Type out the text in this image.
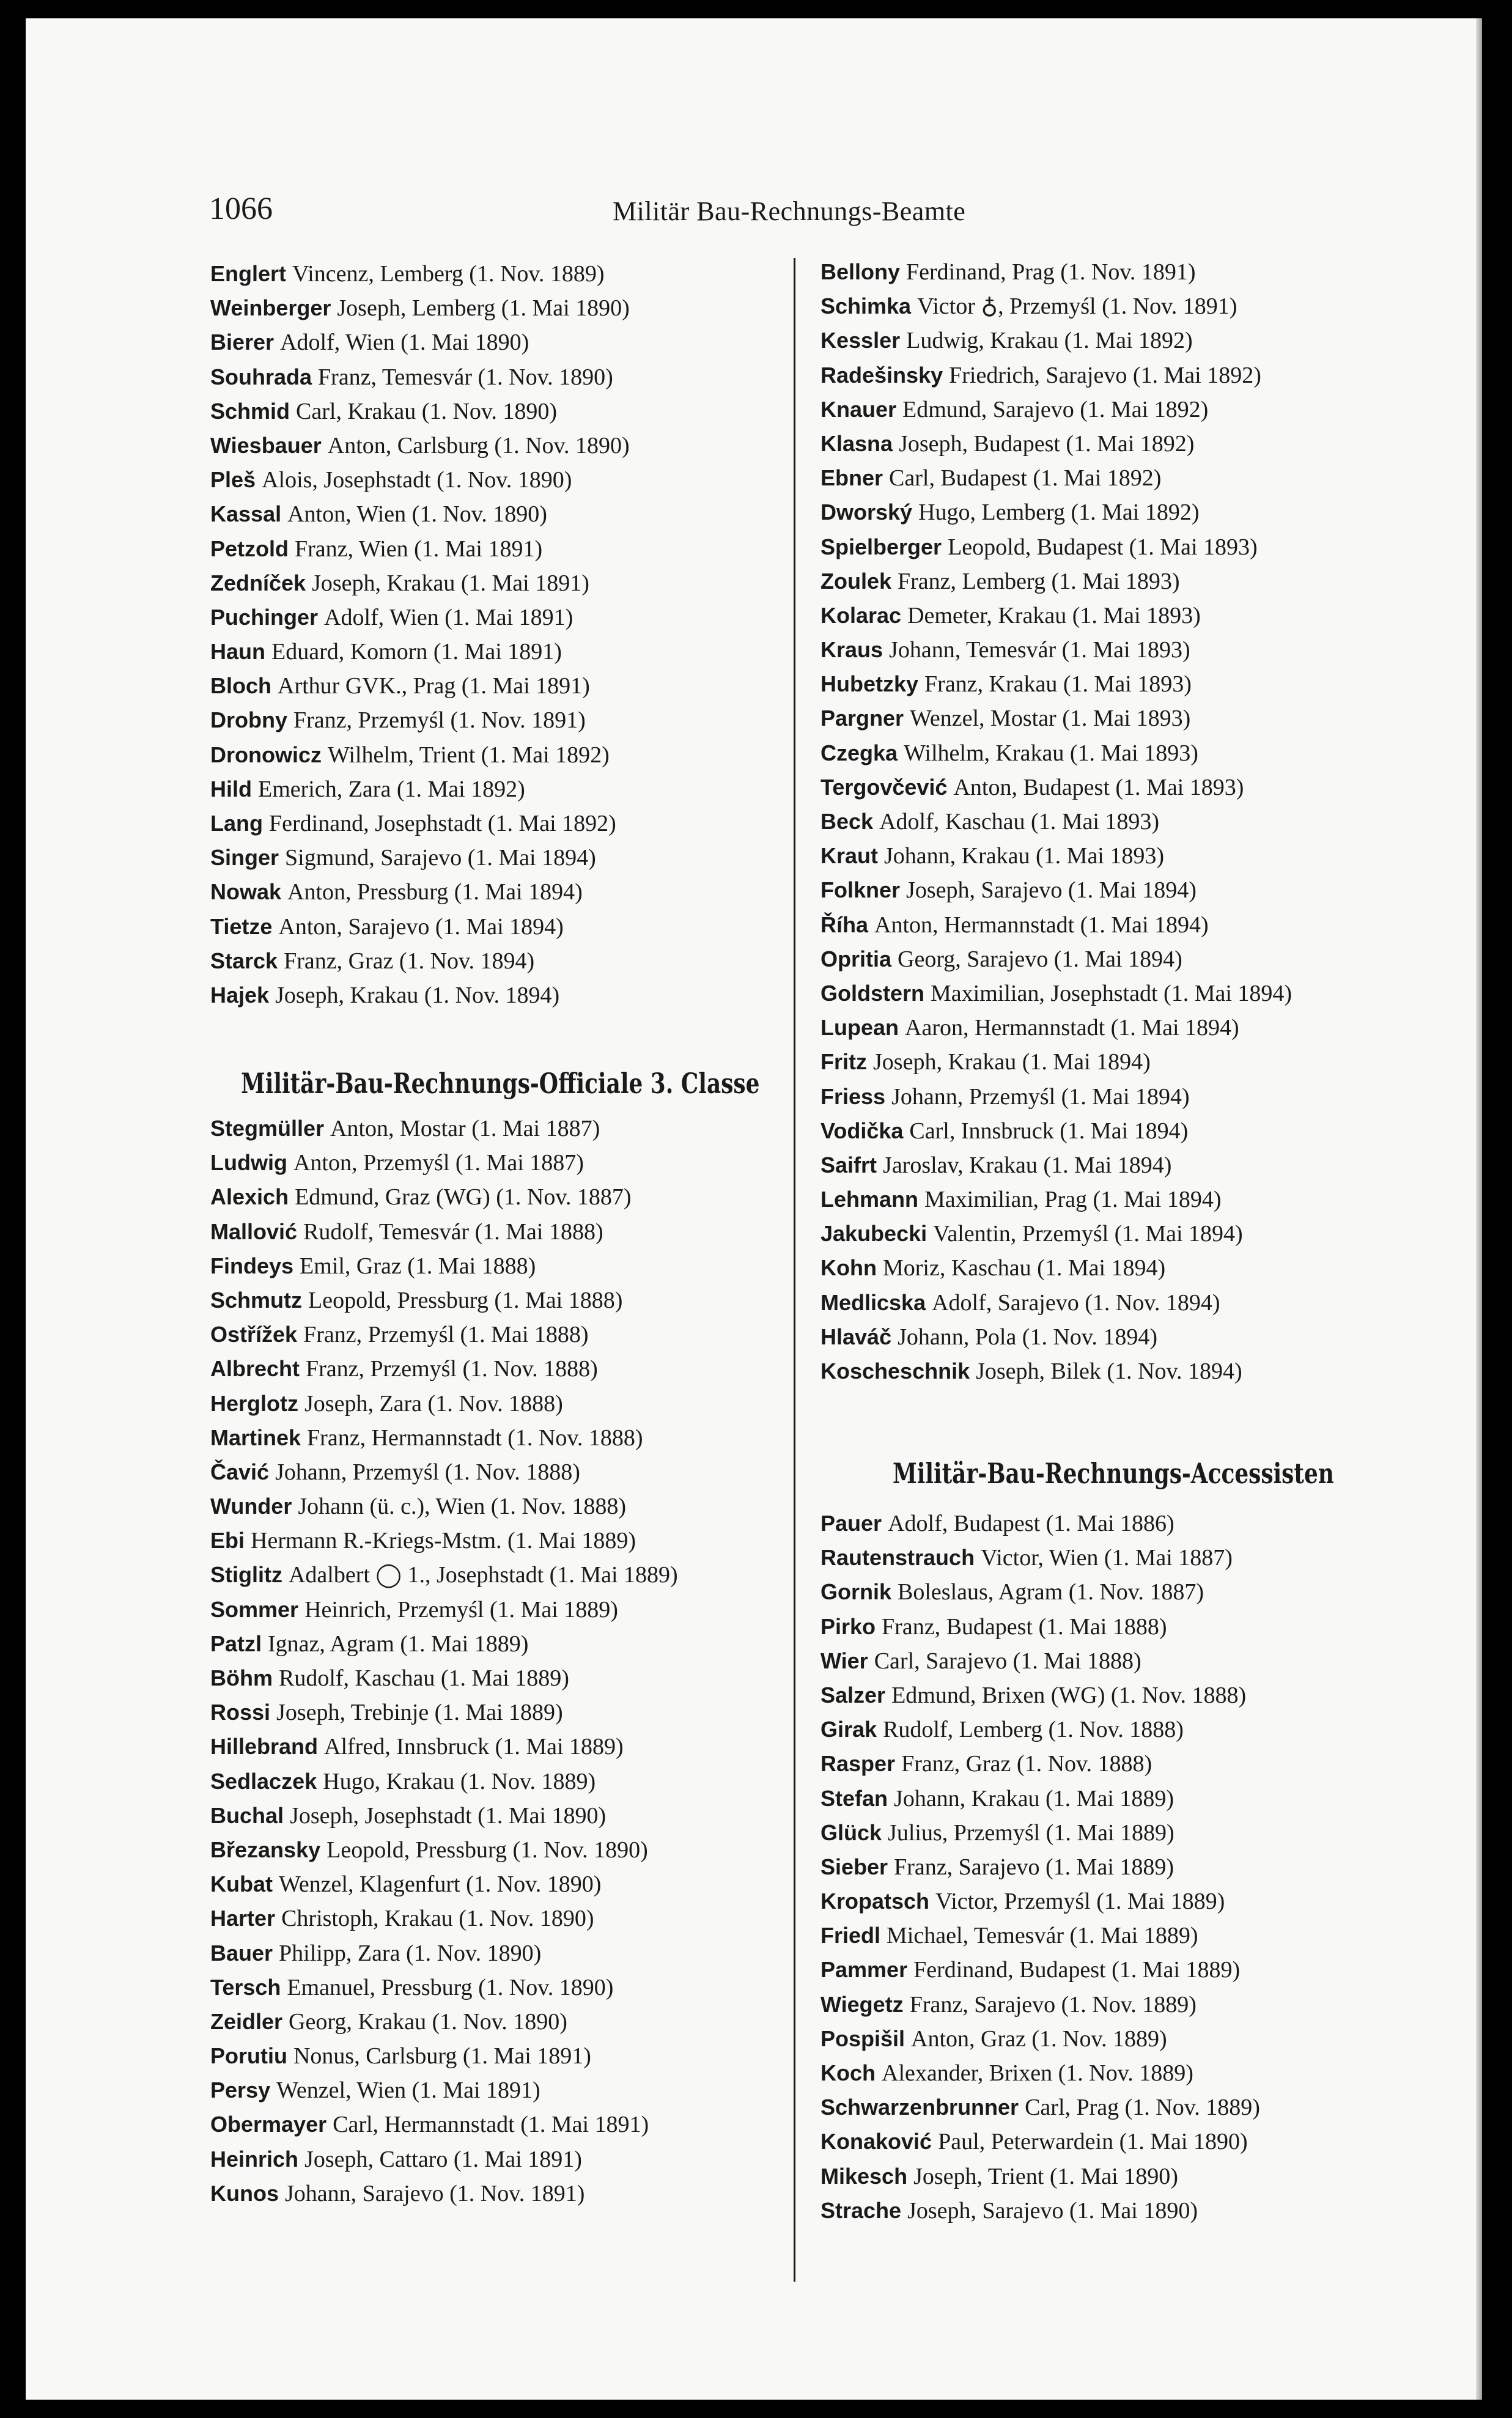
1066	Militär Bau-Rechnungs-Beamte

Englert Vincenz, Lemberg (1. Nov. 1889)
Weinberger Joseph, Lemberg (1. Mai 1890)
Bierer Adolf, Wien (1. Mai 1890)
Souhrada Franz, Temesvár (1. Nov. 1890)
Schmid Carl, Krakau (1. Nov. 1890)
Wiesbauer Anton, Carlsburg (1. Nov. 1890)
Pleš Alois, Josephstadt (1. Nov. 1890)
Kassal Anton, Wien (1. Nov. 1890)
Petzold Franz, Wien (1. Mai 1891)
Zedníček Joseph, Krakau (1. Mai 1891)
Puchinger Adolf, Wien (1. Mai 1891)
Haun Eduard, Komorn (1. Mai 1891)
Bloch Arthur GVK., Prag (1. Mai 1891)
Drobny Franz, Przemyśl (1. Nov. 1891)
Dronowicz Wilhelm, Trient (1. Mai 1892)
Hild Emerich, Zara (1. Mai 1892)
Lang Ferdinand, Josephstadt (1. Mai 1892)
Singer Sigmund, Sarajevo (1. Mai 1894)
Nowak Anton, Pressburg (1. Mai 1894)
Tietze Anton, Sarajevo (1. Mai 1894)
Starck Franz, Graz (1. Nov. 1894)
Hajek Joseph, Krakau (1. Nov. 1894)
Militär-Bau-Rechnungs-Officiale 3. Classe
Stegmüller Anton, Mostar (1. Mai 1887)
Ludwig Anton, Przemyśl (1. Mai 1887)
Alexich Edmund, Graz (WG) (1. Nov. 1887)
Mallović Rudolf, Temesvár (1. Mai 1888)
Findeys Emil, Graz (1. Mai 1888)
Schmutz Leopold, Pressburg (1. Mai 1888)
Ostřížek Franz, Przemyśl (1. Mai 1888)
Albrecht Franz, Przemyśl (1. Nov. 1888)
Herglotz Joseph, Zara (1. Nov. 1888)
Martinek Franz, Hermannstadt (1. Nov. 1888)
Čavić Johann, Przemyśl (1. Nov. 1888)
Wunder Johann (ü. c.), Wien (1. Nov. 1888)
Ebi Hermann R.-Kriegs-Mstm. (1. Mai 1889)
Stiglitz Adalbert ◯ 1., Josephstadt (1. Mai 1889)
Sommer Heinrich, Przemyśl (1. Mai 1889)
Patzl Ignaz, Agram (1. Mai 1889)
Böhm Rudolf, Kaschau (1. Mai 1889)
Rossi Joseph, Trebinje (1. Mai 1889)
Hillebrand Alfred, Innsbruck (1. Mai 1889)
Sedlaczek Hugo, Krakau (1. Nov. 1889)
Buchal Joseph, Josephstadt (1. Mai 1890)
Březansky Leopold, Pressburg (1. Nov. 1890)
Kubat Wenzel, Klagenfurt (1. Nov. 1890)
Harter Christoph, Krakau (1. Nov. 1890)
Bauer Philipp, Zara (1. Nov. 1890)
Tersch Emanuel, Pressburg (1. Nov. 1890)
Zeidler Georg, Krakau (1. Nov. 1890)
Porutiu Nonus, Carlsburg (1. Mai 1891)
Persy Wenzel, Wien (1. Mai 1891)
Obermayer Carl, Hermannstadt (1. Mai 1891)
Heinrich Joseph, Cattaro (1. Mai 1891)
Kunos Johann, Sarajevo (1. Nov. 1891)
Bellony Ferdinand, Prag (1. Nov. 1891)
Schimka Victor ♁, Przemyśl (1. Nov. 1891)
Kessler Ludwig, Krakau (1. Mai 1892)
Radešinsky Friedrich, Sarajevo (1. Mai 1892)
Knauer Edmund, Sarajevo (1. Mai 1892)
Klasna Joseph, Budapest (1. Mai 1892)
Ebner Carl, Budapest (1. Mai 1892)
Dworský Hugo, Lemberg (1. Mai 1892)
Spielberger Leopold, Budapest (1. Mai 1893)
Zoulek Franz, Lemberg (1. Mai 1893)
Kolarac Demeter, Krakau (1. Mai 1893)
Kraus Johann, Temesvár (1. Mai 1893)
Hubetzky Franz, Krakau (1. Mai 1893)
Pargner Wenzel, Mostar (1. Mai 1893)
Czegka Wilhelm, Krakau (1. Mai 1893)
Tergovčević Anton, Budapest (1. Mai 1893)
Beck Adolf, Kaschau (1. Mai 1893)
Kraut Johann, Krakau (1. Mai 1893)
Folkner Joseph, Sarajevo (1. Mai 1894)
Říha Anton, Hermannstadt (1. Mai 1894)
Opritia Georg, Sarajevo (1. Mai 1894)
Goldstern Maximilian, Josephstadt (1. Mai 1894)
Lupean Aaron, Hermannstadt (1. Mai 1894)
Fritz Joseph, Krakau (1. Mai 1894)
Friess Johann, Przemyśl (1. Mai 1894)
Vodička Carl, Innsbruck (1. Mai 1894)
Saifrt Jaroslav, Krakau (1. Mai 1894)
Lehmann Maximilian, Prag (1. Mai 1894)
Jakubecki Valentin, Przemyśl (1. Mai 1894)
Kohn Moriz, Kaschau (1. Mai 1894)
Medlicska Adolf, Sarajevo (1. Nov. 1894)
Hlaváč Johann, Pola (1. Nov. 1894)
Koscheschnik Joseph, Bilek (1. Nov. 1894)
Militär-Bau-Rechnungs-Accessisten
Pauer Adolf, Budapest (1. Mai 1886)
Rautenstrauch Victor, Wien (1. Mai 1887)
Gornik Boleslaus, Agram (1. Nov. 1887)
Pirko Franz, Budapest (1. Mai 1888)
Wier Carl, Sarajevo (1. Mai 1888)
Salzer Edmund, Brixen (WG) (1. Nov. 1888)
Girak Rudolf, Lemberg (1. Nov. 1888)
Rasper Franz, Graz (1. Nov. 1888)
Stefan Johann, Krakau (1. Mai 1889)
Glück Julius, Przemyśl (1. Mai 1889)
Sieber Franz, Sarajevo (1. Mai 1889)
Kropatsch Victor, Przemyśl (1. Mai 1889)
Friedl Michael, Temesvár (1. Mai 1889)
Pammer Ferdinand, Budapest (1. Mai 1889)
Wiegetz Franz, Sarajevo (1. Nov. 1889)
Pospišil Anton, Graz (1. Nov. 1889)
Koch Alexander, Brixen (1. Nov. 1889)
Schwarzenbrunner Carl, Prag (1. Nov. 1889)
Konaković Paul, Peterwardein (1. Mai 1890)
Mikesch Joseph, Trient (1. Mai 1890)
Strache Joseph, Sarajevo (1. Mai 1890)
